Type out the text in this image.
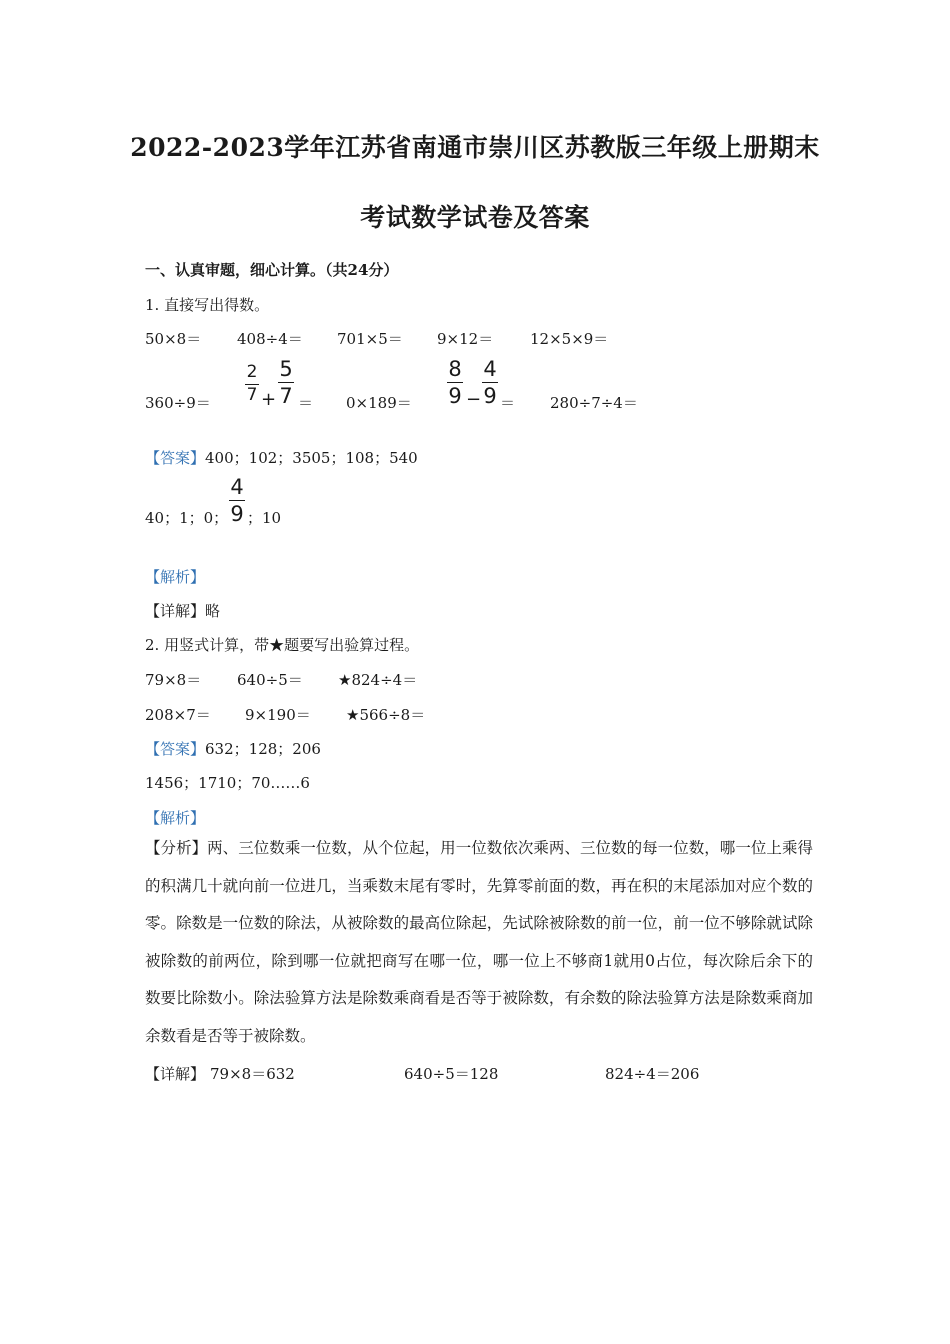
2022-2023学年江苏省南通市崇川区苏教版三年级上册期末
考试数学试卷及答案
一、认真审题，细心计算。（共24分）
1. 直接写出得数。
50×8＝ 408÷4＝ 701×5＝ 9×12＝ 12×5×9＝
360÷9＝
2
7 +
5
7 ＝ 0×189＝
8
9 −
4
9 ＝ 280÷7÷4＝
【答案】400；102；3505；108；540
40；1；0；
4
9 ；10
【解析】
【详解】略
2. 用竖式计算，带★题要写出验算过程。
79×8＝ 640÷5＝ ★824÷4＝
208×7＝ 9×190＝ ★566÷8＝
【答案】632；128；206
1456；1710；70……6
【解析】
【分析】两、三位数乘一位数，从个位起，用一位数依次乘两、三位数的每一位数，哪一位上乘得的积满几十就向前一位进几，当乘数末尾有零时，先算零前面的数，再在积的末尾添加对应个数的零。除数是一位数的除法，从被除数的最高位除起，先试除被除数的前一位，前一位不够除就试除被除数的前两位，除到哪一位就把商写在哪一位，哪一位上不够商1就用0占位，每次除后余下的数要比除数小。除法验算方法是除数乘商看是否等于被除数，有余数的除法验算方法是除数乘商加余数看是否等于被除数。
【详解】 79×8＝632	640÷5＝128	824÷4＝206
